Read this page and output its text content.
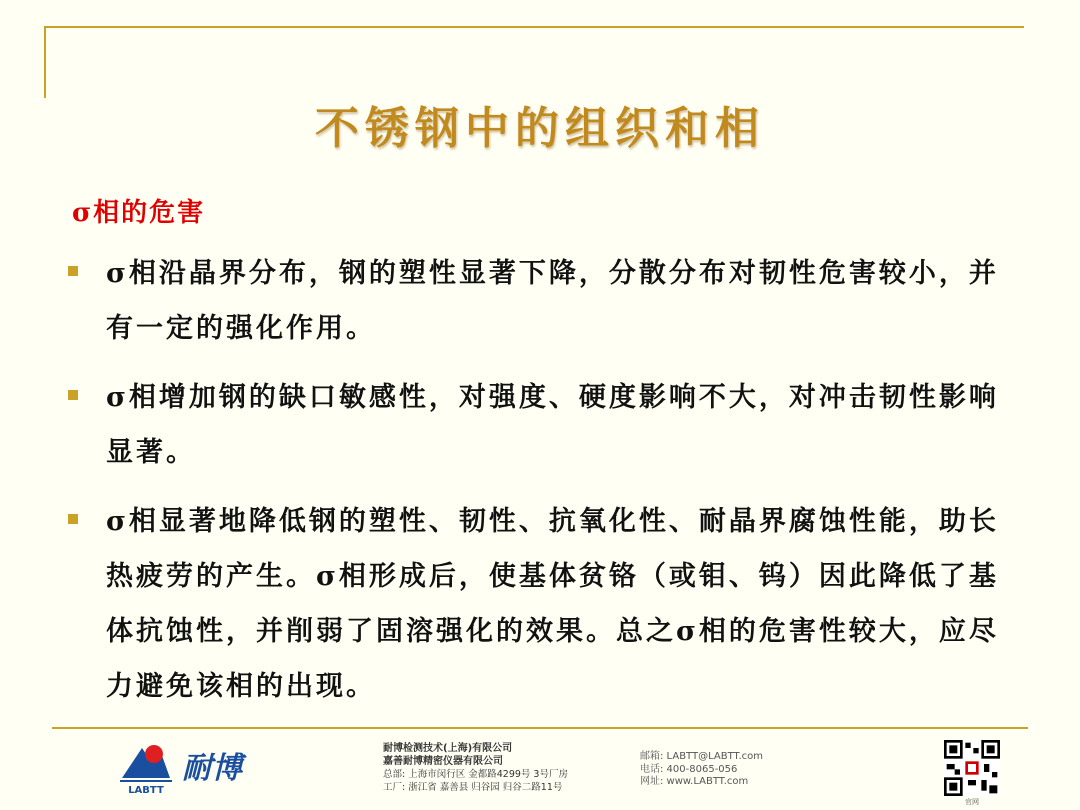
不锈钢中的组织和相
σ相的危害
σ相沿晶界分布，钢的塑性显著下降，分散分布对韧性危害较小，并有一定的强化作用。
σ相增加钢的缺口敏感性，对强度、硬度影响不大，对冲击韧性影响显著。
σ相显著地降低钢的塑性、韧性、抗氧化性、耐晶界腐蚀性能，助长热疲劳的产生。σ相形成后，使基体贫铬（或钼、钨）因此降低了基体抗蚀性，并削弱了固溶强化的效果。总之σ相的危害性较大，应尽力避免该相的出现。
LABTT
耐博
耐博检测技术(上海)有限公司
嘉善耐博精密仪器有限公司
总部: 上海市闵行区 金都路4299号 3号厂房
工厂: 浙江省 嘉善县 归谷园 归谷二路11号
邮箱: LABTT@LABTT.com
电话: 400-8065-056
网址: www.LABTT.com
官网
